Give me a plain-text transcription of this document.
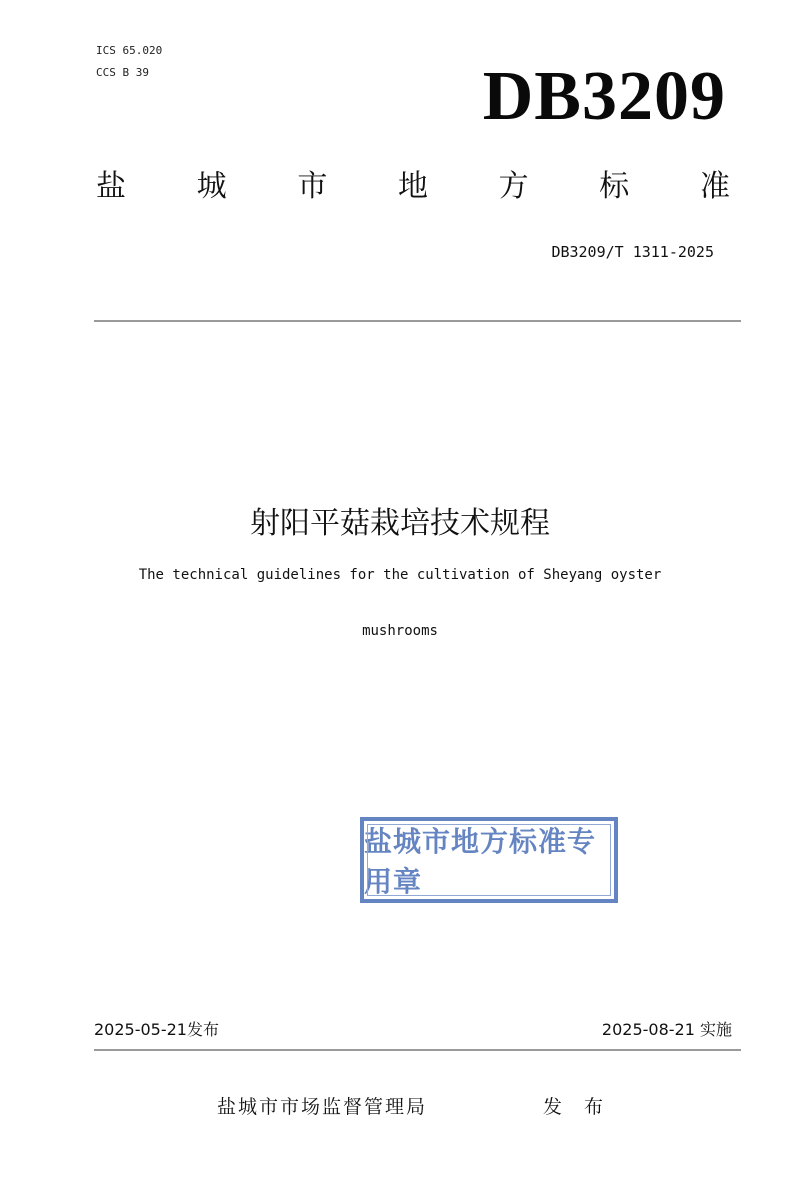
ICS 65.020
CCS B 39	DB3209
盐 城 市 地 方 标 准
DB3209/T 1311-2025
射阳平菇栽培技术规程
The technical guidelines for the cultivation of Sheyang oyster
mushrooms
盐城市地方标准专用章
2025-05-21发布	2025-08-21 实施
盐城市市场监督管理局	发 布
